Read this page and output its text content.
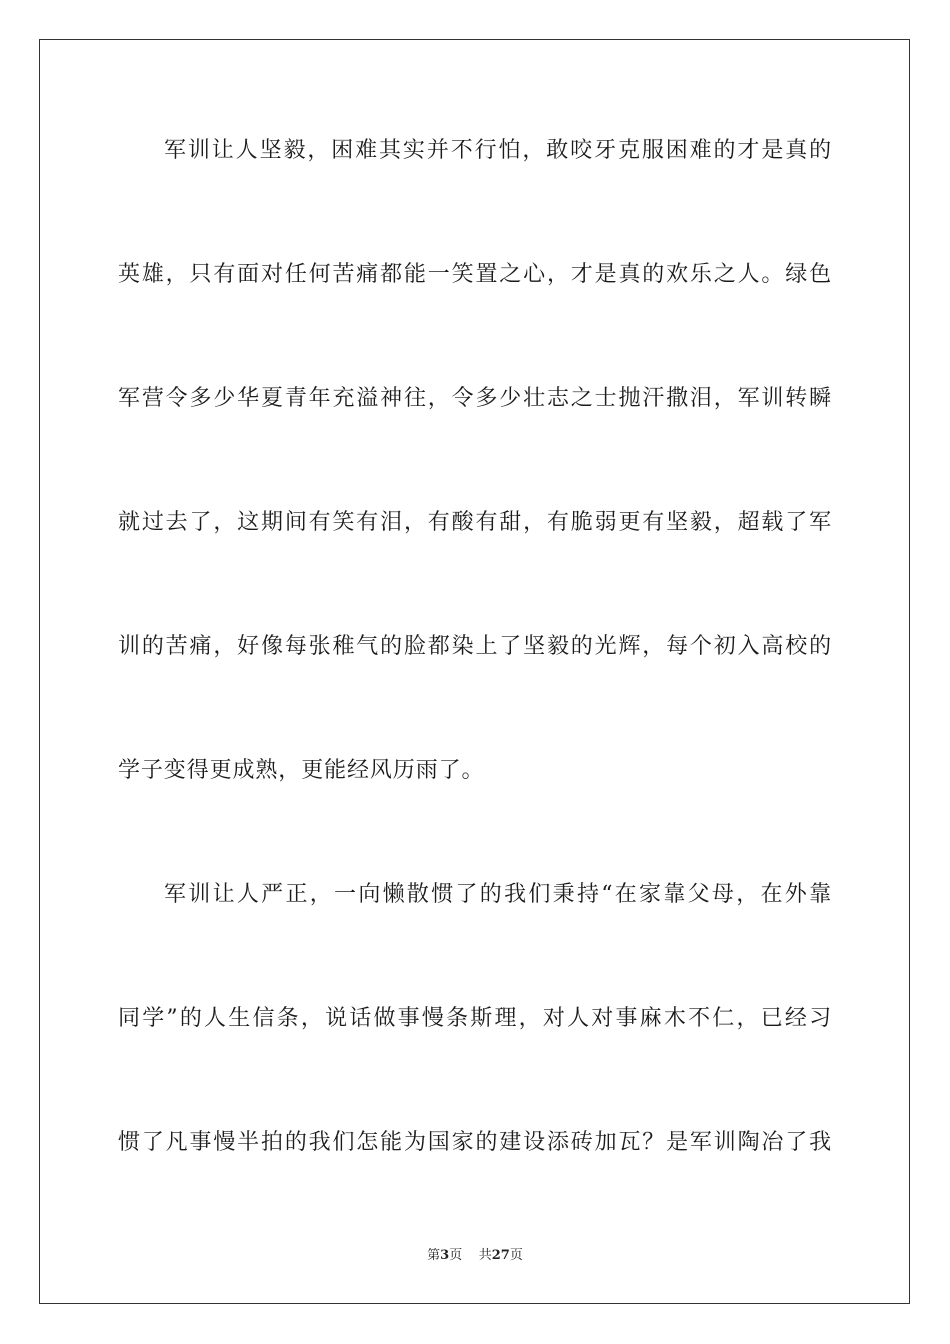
军训让人坚毅，困难其实并不行怕，敢咬牙克服困难的才是真的
英雄，只有面对任何苦痛都能一笑置之心，才是真的欢乐之人。绿色
军营令多少华夏青年充溢神往，令多少壮志之士抛汗撒泪，军训转瞬
就过去了，这期间有笑有泪，有酸有甜，有脆弱更有坚毅，超载了军
训的苦痛，好像每张稚气的脸都染上了坚毅的光辉，每个初入高校的
学子变得更成熟，更能经风历雨了。
军训让人严正，一向懒散惯了的我们秉持“在家靠父母，在外靠
同学”的人生信条，说话做事慢条斯理，对人对事麻木不仁，已经习
惯了凡事慢半拍的我们怎能为国家的建设添砖加瓦？是军训陶冶了我
第3页 共27页
